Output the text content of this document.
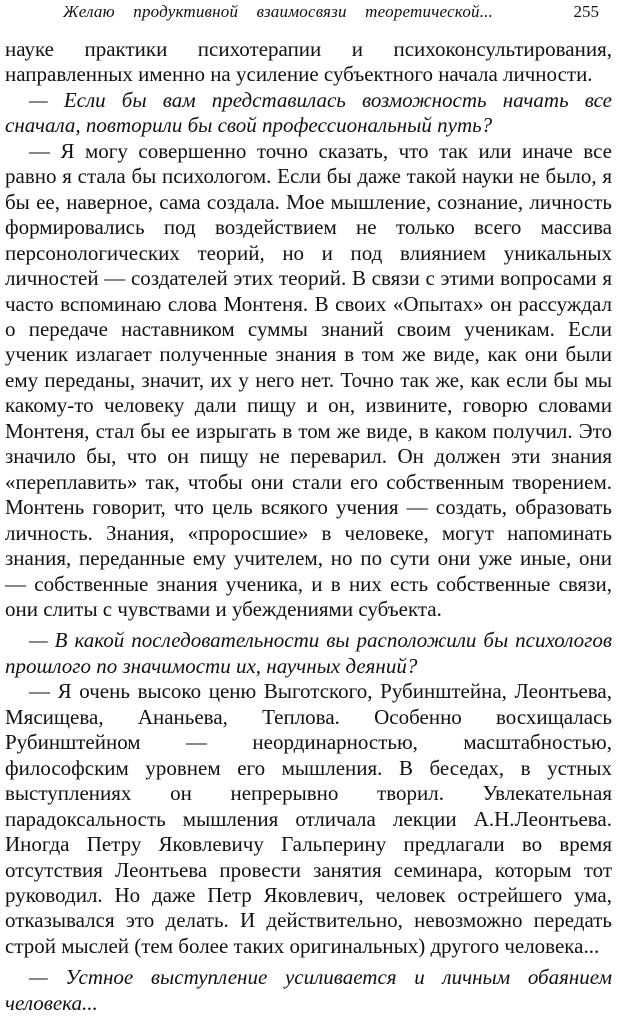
Желаю продуктивной взаимосвязи теоретической...	255

науке практики психотерапии и психоконсультирования, направленных именно на усиление субъектного начала личности.

— Если бы вам представилась возможность начать все сначала, повторили бы свой профессиональный путь?

— Я могу совершенно точно сказать, что так или иначе все равно я стала бы психологом. Если бы даже такой науки не было, я бы ее, наверное, сама создала. Мое мышление, сознание, личность формировались под воздействием не только всего массива персонологических теорий, но и под влиянием уникальных личностей — создателей этих теорий. В связи с этими вопросами я часто вспоминаю слова Монтеня. В своих «Опытах» он рассуждал о передаче наставником суммы знаний своим ученикам. Если ученик излагает полученные знания в том же виде, как они были ему переданы, значит, их у него нет. Точно так же, как если бы мы какому-то человеку дали пищу и он, извините, говорю словами Монтеня, стал бы ее изрыгать в том же виде, в каком получил. Это значило бы, что он пищу не переварил. Он должен эти знания «переплавить» так, чтобы они стали его собственным творением. Монтень говорит, что цель всякого учения — создать, образовать личность. Знания, «проросшие» в человеке, могут напоминать знания, переданные ему учителем, но по сути они уже иные, они — собственные знания ученика, и в них есть собственные связи, они слиты с чувствами и убеждениями субъекта.

— В какой последовательности вы расположили бы психологов прошлого по значимости их, научных деяний?

— Я очень высоко ценю Выготского, Рубинштейна, Леонтьева, Мясищева, Ананьева, Теплова. Особенно восхищалась Рубинштейном — неординарностью, масштабностью, философским уровнем его мышления. В беседах, в устных выступлениях он непрерывно творил. Увлекательная парадоксальность мышления отличала лекции А.Н.Леонтьева. Иногда Петру Яковлевичу Гальперину предлагали во время отсутствия Леонтьева провести занятия семинара, которым тот руководил. Но даже Петр Яковлевич, человек острейшего ума, отказывался это делать. И действительно, невозможно передать строй мыслей (тем более таких оригинальных) другого человека...

— Устное выступление усиливается и личным обаянием человека...
